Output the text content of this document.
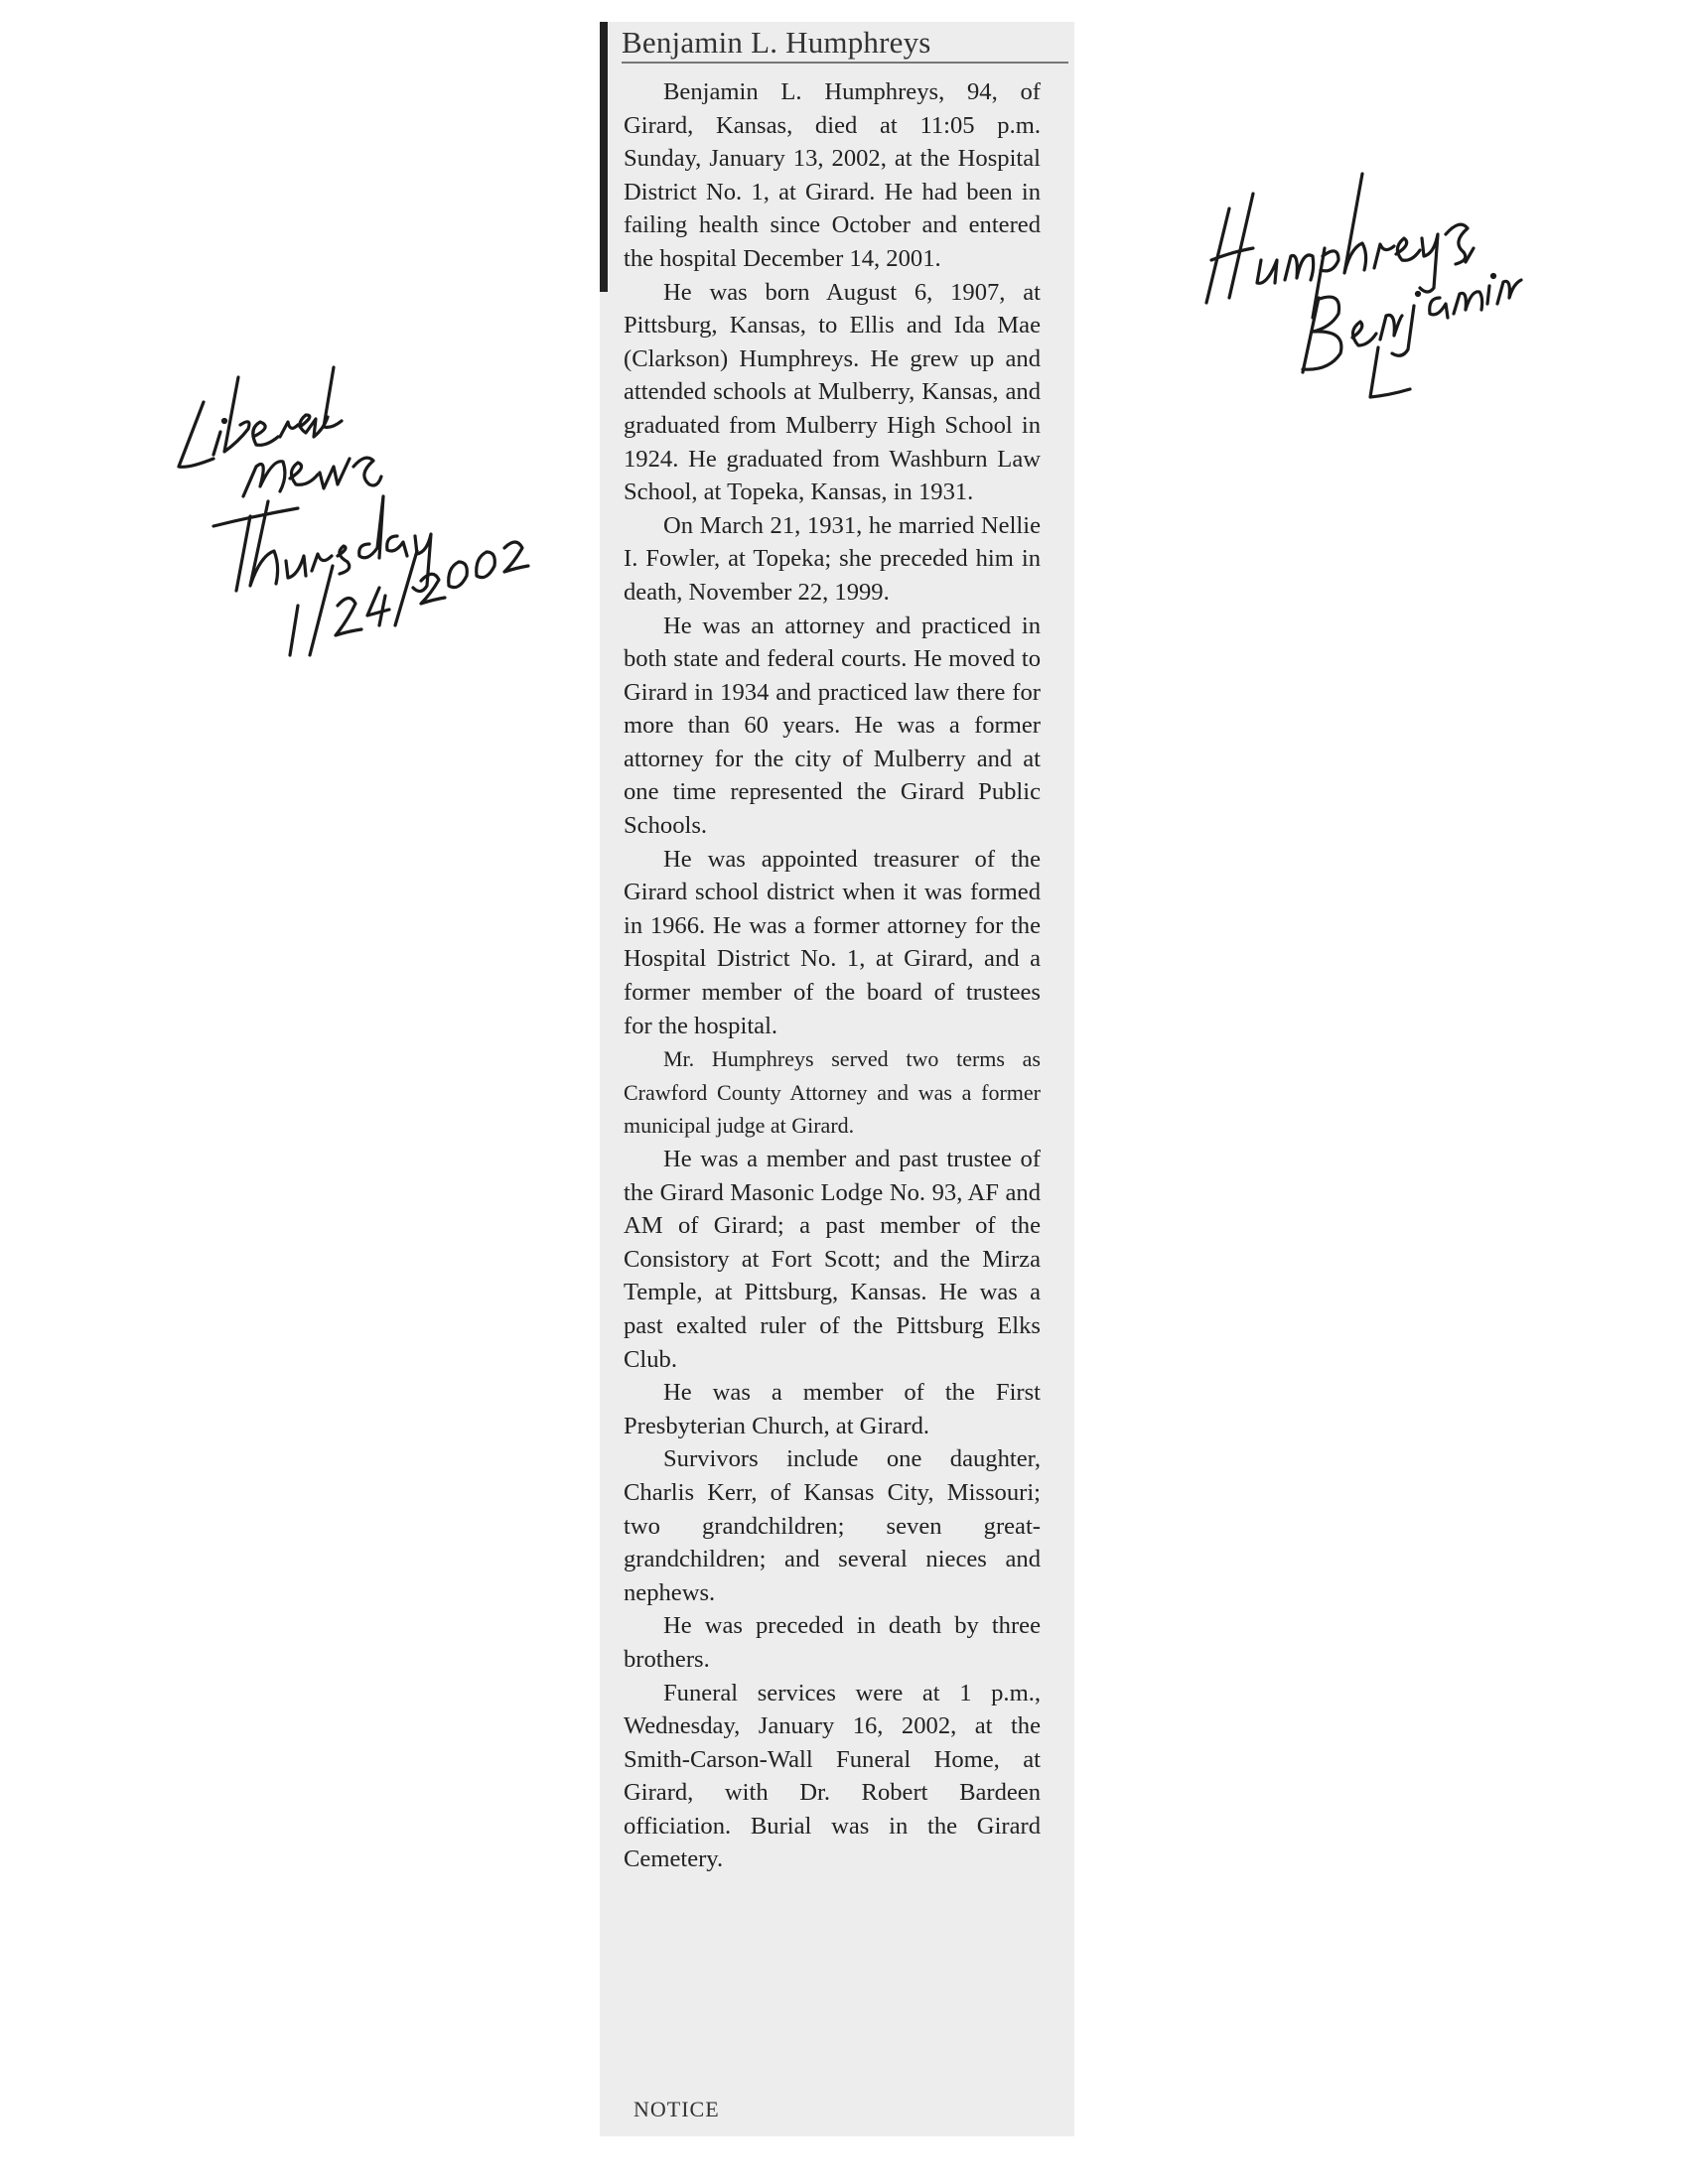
Benjamin L. Humphreys

Benjamin L. Humphreys, 94, of Girard, Kansas, died at 11:05 p.m. Sunday, January 13, 2002, at the Hospital District No. 1, at Girard. He had been in failing health since October and entered the hospital December 14, 2001.

He was born August 6, 1907, at Pittsburg, Kansas, to Ellis and Ida Mae (Clarkson) Humphreys. He grew up and attended schools at Mulberry, Kansas, and graduated from Mulberry High School in 1924. He graduated from Washburn Law School, at Topeka, Kansas, in 1931.

On March 21, 1931, he married Nellie I. Fowler, at Topeka; she preceded him in death, November 22, 1999.

He was an attorney and practiced in both state and federal courts. He moved to Girard in 1934 and practiced law there for more than 60 years. He was a former attorney for the city of Mulberry and at one time represented the Girard Public Schools.

He was appointed treasurer of the Girard school district when it was formed in 1966. He was a former attorney for the Hospital District No. 1, at Girard, and a former member of the board of trustees for the hospital.

Mr. Humphreys served two terms as Crawford County Attorney and was a former municipal judge at Girard.

He was a member and past trustee of the Girard Masonic Lodge No. 93, AF and AM of Girard; a past member of the Consistory at Fort Scott; and the Mirza Temple, at Pittsburg, Kansas. He was a past exalted ruler of the Pittsburg Elks Club.

He was a member of the First Presbyterian Church, at Girard.

Survivors include one daughter, Charlis Kerr, of Kansas City, Missouri; two grandchildren; seven great-grandchildren; and several nieces and nephews.

He was preceded in death by three brothers.

Funeral services were at 1 p.m., Wednesday, January 16, 2002, at the Smith-Carson-Wall Funeral Home, at Girard, with Dr. Robert Bardeen officiation. Burial was in the Girard Cemetery.

NOTICE
